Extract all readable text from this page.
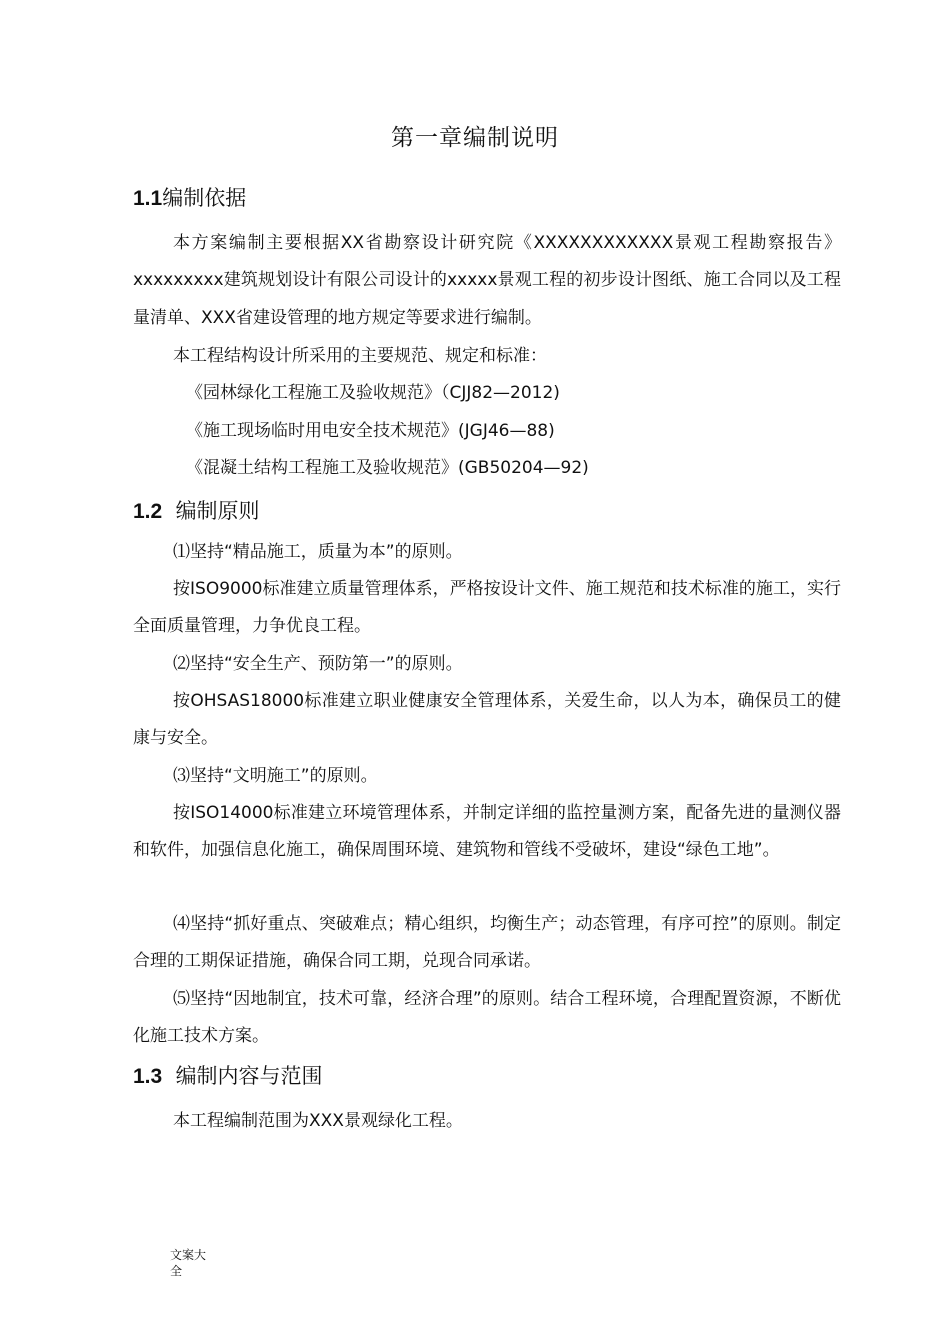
第一章编制说明
1.1编制依据
本方案编制主要根据XX省勘察设计研究院《XXXXXXXXXXXX景观工程勘察报告》xxxxxxxxx建筑规划设计有限公司设计的xxxxx景观工程的初步设计图纸、施工合同以及工程量清单、XXX省建设管理的地方规定等要求进行编制。
本工程结构设计所采用的主要规范、规定和标准：
《园林绿化工程施工及验收规范》（CJJ82—2012)
《施工现场临时用电安全技术规范》(JGJ46—88)
《混凝土结构工程施工及验收规范》(GB50204—92)
1.2 编制原则
⑴坚持“精品施工，质量为本”的原则。
按ISO9000标准建立质量管理体系，严格按设计文件、施工规范和技术标准的施工，实行全面质量管理，力争优良工程。
⑵坚持“安全生产、预防第一”的原则。
按OHSAS18000标准建立职业健康安全管理体系，关爱生命，以人为本，确保员工的健康与安全。
⑶坚持“文明施工”的原则。
按ISO14000标准建立环境管理体系，并制定详细的监控量测方案，配备先进的量测仪器和软件，加强信息化施工，确保周围环境、建筑物和管线不受破坏，建设“绿色工地”。
⑷坚持“抓好重点、突破难点；精心组织，均衡生产；动态管理，有序可控”的原则。制定合理的工期保证措施，确保合同工期，兑现合同承诺。
⑸坚持“因地制宜，技术可靠，经济合理”的原则。结合工程环境，合理配置资源，不断优化施工技术方案。
1.3 编制内容与范围
本工程编制范围为XXX景观绿化工程。
文案大
全
